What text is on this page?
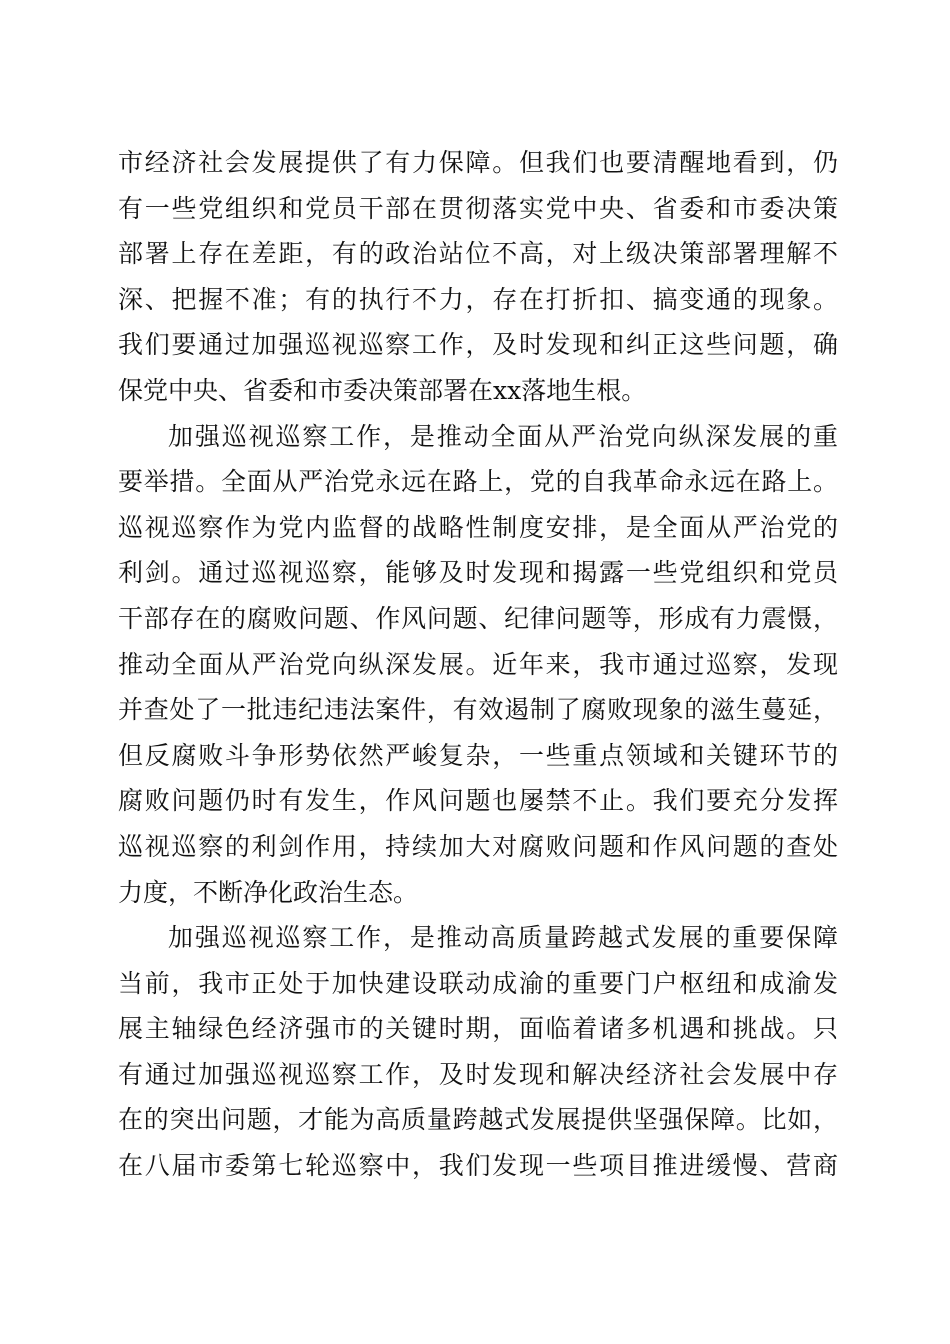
市经济社会发展提供了有力保障。但我们也要清醒地看到，仍
有一些党组织和党员干部在贯彻落实党中央、省委和市委决策
部署上存在差距，有的政治站位不高，对上级决策部署理解不
深、把握不准；有的执行不力，存在打折扣、搞变通的现象。
我们要通过加强巡视巡察工作，及时发现和纠正这些问题，确
保党中央、省委和市委决策部署在xx落地生根。
加强巡视巡察工作，是推动全面从严治党向纵深发展的重
要举措。全面从严治党永远在路上，党的自我革命永远在路上。
巡视巡察作为党内监督的战略性制度安排，是全面从严治党的
利剑。通过巡视巡察，能够及时发现和揭露一些党组织和党员
干部存在的腐败问题、作风问题、纪律问题等，形成有力震慑，
推动全面从严治党向纵深发展。近年来，我市通过巡察，发现
并查处了一批违纪违法案件，有效遏制了腐败现象的滋生蔓延，
但反腐败斗争形势依然严峻复杂，一些重点领域和关键环节的
腐败问题仍时有发生，作风问题也屡禁不止。我们要充分发挥
巡视巡察的利剑作用，持续加大对腐败问题和作风问题的查处
力度，不断净化政治生态。
加强巡视巡察工作，是推动高质量跨越式发展的重要保障
当前，我市正处于加快建设联动成渝的重要门户枢纽和成渝发
展主轴绿色经济强市的关键时期，面临着诸多机遇和挑战。只
有通过加强巡视巡察工作，及时发现和解决经济社会发展中存
在的突出问题，才能为高质量跨越式发展提供坚强保障。比如，
在八届市委第七轮巡察中，我们发现一些项目推进缓慢、营商
